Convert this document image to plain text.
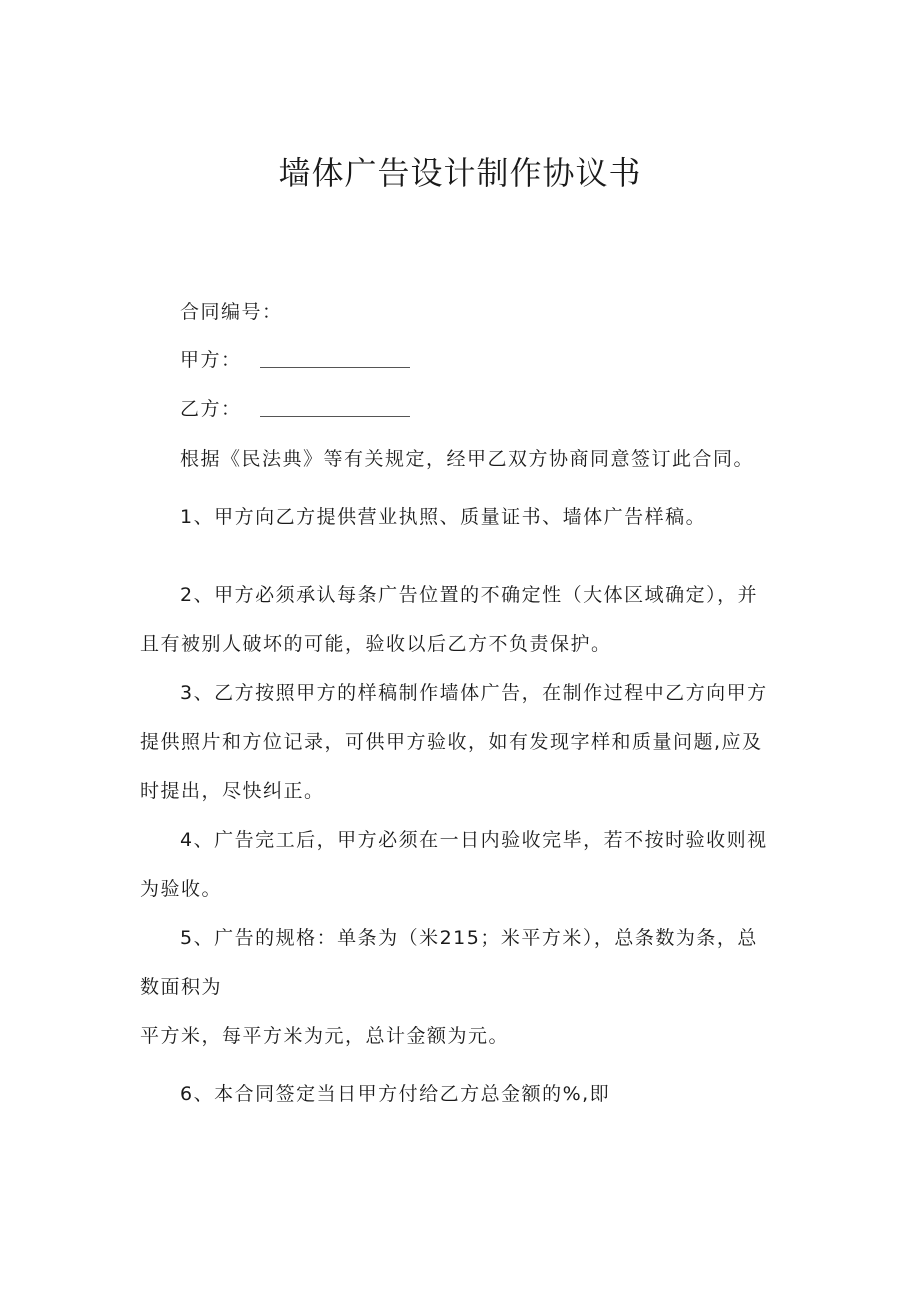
墙体广告设计制作协议书

合同编号：

甲方：

乙方：

根据《民法典》等有关规定，经甲乙双方协商同意签订此合同。

1、甲方向乙方提供营业执照、质量证书、墙体广告样稿。

2、甲方必须承认每条广告位置的不确定性（大体区域确定），并

且有被别人破坏的可能，验收以后乙方不负责保护。

3、乙方按照甲方的样稿制作墙体广告，在制作过程中乙方向甲方

提供照片和方位记录，可供甲方验收，如有发现字样和质量问题,应及

时提出，尽快纠正。

4、广告完工后，甲方必须在一日内验收完毕，若不按时验收则视

为验收。

5、广告的规格：单条为（米215；米平方米），总条数为条，总

数面积为

平方米，每平方米为元，总计金额为元。

6、本合同签定当日甲方付给乙方总金额的%,即
